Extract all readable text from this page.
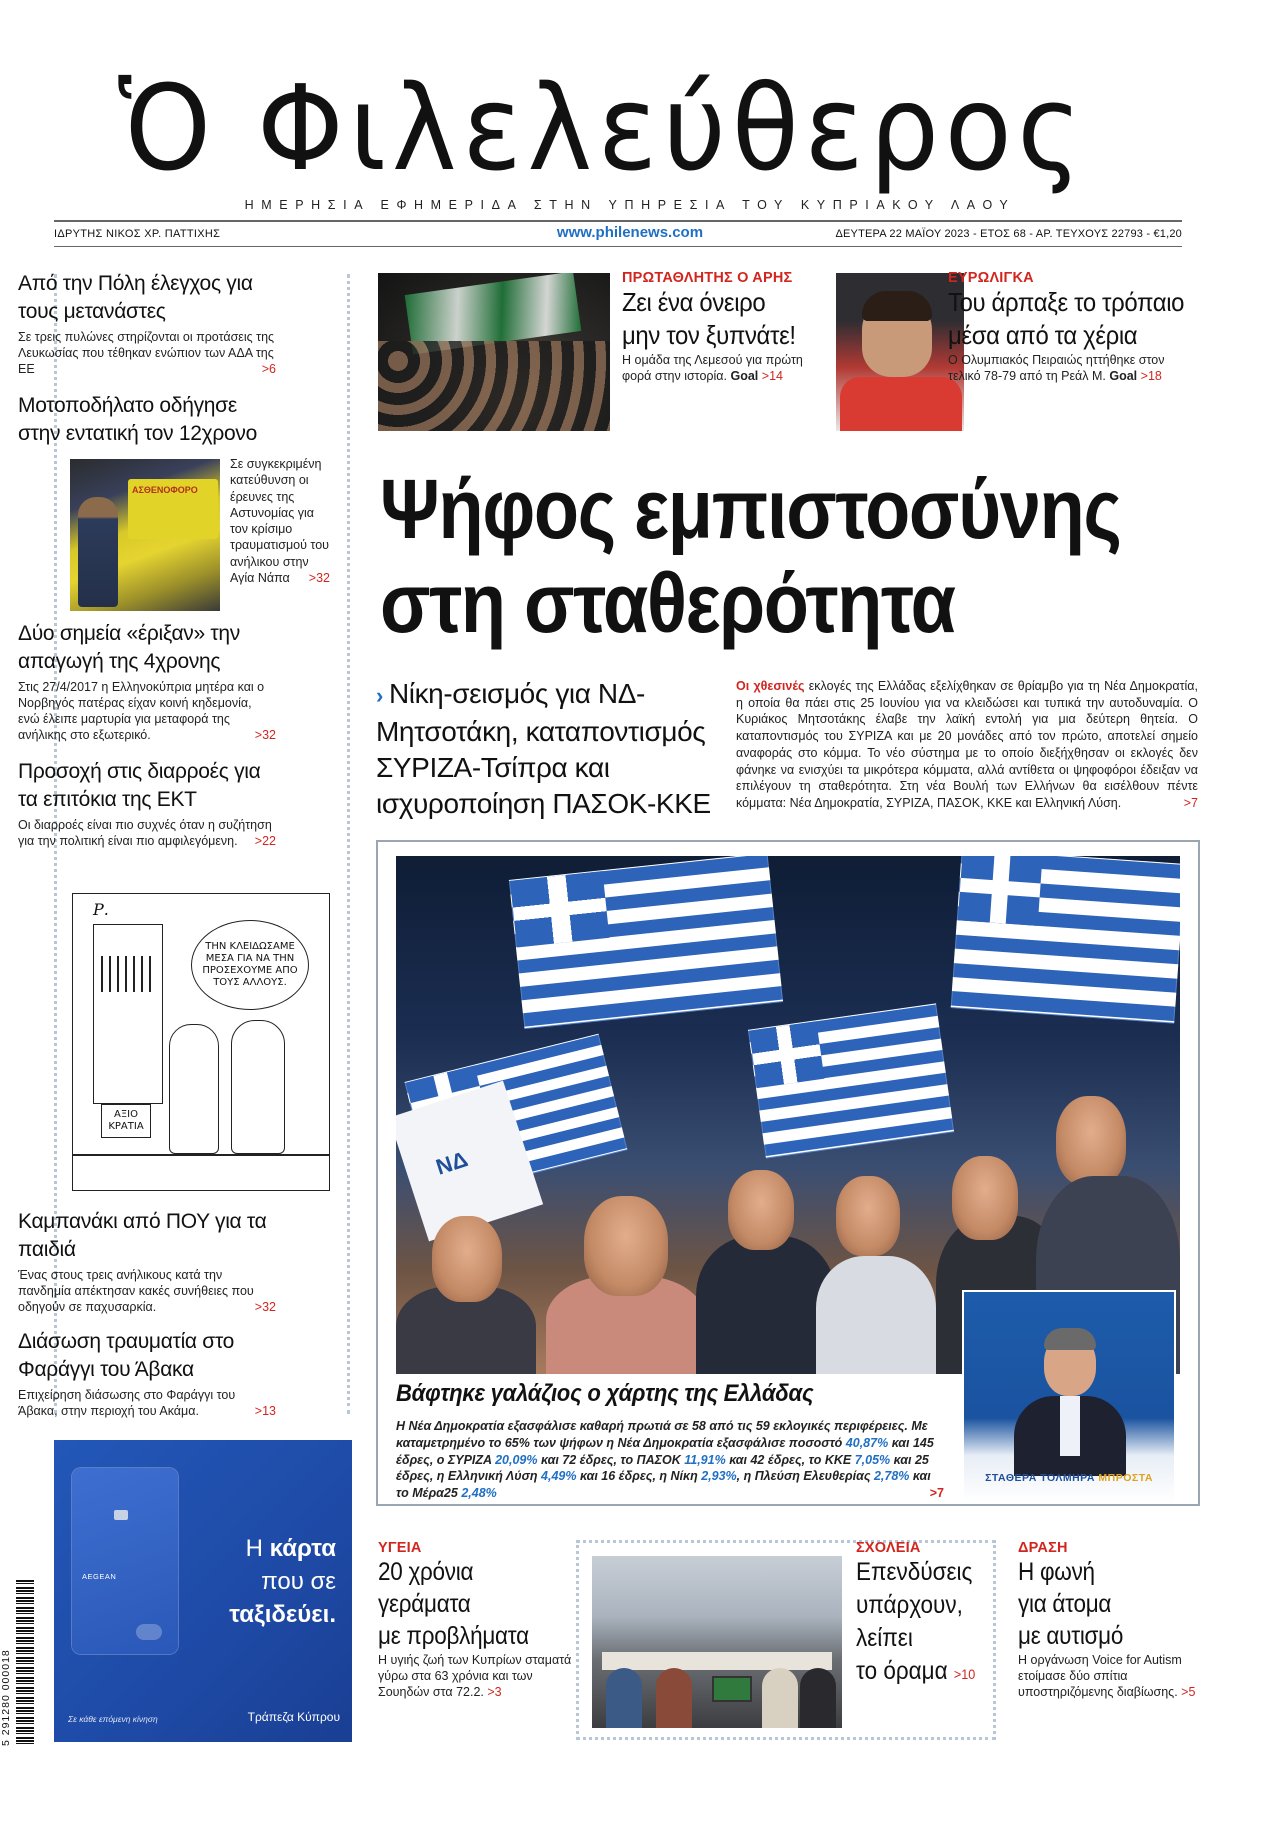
Ὁ Φιλελεύθερος
ΗΜΕΡΗΣΙΑ ΕΦΗΜΕΡΙΔΑ ΣΤΗΝ ΥΠΗΡΕΣΙΑ ΤΟΥ ΚΥΠΡΙΑΚΟΥ ΛΑΟΥ
ΙΔΡΥΤΗΣ ΝΙΚΟΣ ΧΡ. ΠΑΤΤΙΧΗΣ	www.philenews.com	ΔΕΥΤΕΡΑ 22 ΜΑΪΟΥ 2023 - ΕΤΟΣ 68 - ΑΡ. ΤΕΥΧΟΥΣ 22793 - €1,20
Από την Πόλη έλεγχος για τους μετανάστες

Σε τρεις πυλώνες στηρίζονται οι προτάσεις της Λευκωσίας που τέθηκαν ενώπιον των ΑΔΑ της ΕΕ	>6

Μοτοποδήλατο οδήγησε στην εντατική τον 12χρονο
ΑΣΘΕΝΟΦΟΡΟ
Σε συγκεκριμένη κατεύθυνση οι έρευνες της Αστυνομίας για τον κρίσιμο τραυματισμού του ανήλικου στην Αγία Νάπα >32
Δύο σημεία «έριξαν» την απαγωγή της 4χρονης

Στις 27/4/2017 η Ελληνοκύπρια μητέρα και ο Νορβηγός πατέρας είχαν κοινή κηδεμονία, ενώ έλειπε μαρτυρία για μεταφορά της ανήλικης στο εξωτερικό.	>32

Προσοχή στις διαρροές για τα επιτόκια της ΕΚΤ

Οι διαρροές είναι πιο συχνές όταν η συζήτηση για την πολιτική είναι πιο αμφιλεγόμενη. >22

Ρ.
ΤΗΝ ΚΛΕΙΔΩΣΑΜΕ ΜΕΣΑ ΓΙΑ ΝΑ ΤΗΝ ΠΡΟΣΕΧΟΥΜΕ ΑΠΟ ΤΟΥΣ ΑΛΛΟΥΣ.
ΑΞΙΟ ΚΡΑΤΙΑ
Καμπανάκι από ΠΟΥ για τα παιδιά

Ένας στους τρεις ανήλικους κατά την πανδημία απέκτησαν κακές συνήθειες που οδηγούν σε παχυσαρκία.	>32

Διάσωση τραυματία στο Φαράγγι του Άβακα

Επιχείρηση διάσωσης στο Φαράγγι του Άβακα, στην περιοχή του Ακάμα.	>13

ΠΡΩΤΑΘΛΗΤΗΣ Ο ΑΡΗΣ
Ζει ένα όνειρο
μην τον ξυπνάτε!

Η ομάδα της Λεμεσού για πρώτη φορά στην ιστορία. Goal >14

ΕΥΡΩΛΙΓΚΑ
Του άρπαξε το τρόπαιο
μέσα από τα χέρια

Ο Ολυμπιακός Πειραιώς ηττήθηκε στον τελικό 78-79 από τη Ρεάλ Μ. Goal >18

Ψήφος εμπιστοσύνης
στη σταθερότητα
› Νίκη-σεισμός για ΝΔ-Μητσοτάκη, καταποντισμός ΣΥΡΙΖΑ-Τσίπρα και ισχυροποίηση ΠΑΣΟΚ-ΚΚΕ
Οι χθεσινές εκλογές της Ελλάδας εξελίχθηκαν σε θρίαμβο για τη Νέα Δημοκρατία, η οποία θα πάει στις 25 Ιουνίου για να κλειδώσει και τυπικά την αυτοδυναμία. Ο Κυριάκος Μητσοτάκης έλαβε την λαϊκή εντολή για μια δεύτερη θητεία. Ο καταποντισμός του ΣΥΡΙΖΑ και με 20 μονάδες από τον πρώτο, αποτελεί σημείο αναφοράς στο κόμμα. Το νέο σύστημα με το οποίο διεξήχθησαν οι εκλογές δεν φάνηκε να ενισχύει τα μικρότερα κόμματα, αλλά αντίθετα οι ψηφοφόροι έδειξαν να επιλέγουν τη σταθερότητα. Στη νέα Βουλή των Ελλήνων θα εισέλθουν πέντε κόμματα: Νέα Δημοκρατία, ΣΥΡΙΖΑ, ΠΑΣΟΚ, ΚΚΕ και Ελληνική Λύση.	>7
ΝΔ
ΣΤΑΘΕΡΑ ΤΟΛΜΗΡΑ ΜΠΡΟΣΤΑ
Βάφτηκε γαλάζιος ο χάρτης της Ελλάδας
Η Νέα Δημοκρατία εξασφάλισε καθαρή πρωτιά σε 58 από τις 59 εκλογικές περιφέρειες. Με καταμετρημένο το 65% των ψήφων η Νέα Δημοκρατία εξασφάλισε ποσοστό 40,87% και 145 έδρες, ο ΣΥΡΙΖΑ 20,09% και 72 έδρες, το ΠΑΣΟΚ 11,91% και 42 έδρες, το ΚΚΕ 7,05% και 25 έδρες, η Ελληνική Λύση 4,49% και 16 έδρες, η Νίκη 2,93%, η Πλεύση Ελευθερίας 2,78% και το Μέρα25 2,48%	>7
AEGEAN
Η κάρτα
που σε
ταξιδεύει.
Σε κάθε επόμενη κίνηση	Τράπεζα Κύπρου
5 291280 000018
ΥΓΕΙΑ
20 χρόνια
γεράματα
με προβλήματα

Η υγιής ζωή των Κυπρίων σταματά γύρω στα 63 χρόνια και των Σουηδών στα 72.2. >3

ΣΧΟΛΕΙΑ
Επενδύσεις
υπάρχουν,
λείπει
το όραμα >10
ΔΡΑΣΗ
Η φωνή
για άτομα
με αυτισμό

Η οργάνωση Voice for Autism ετοίμασε δύο σπίτια υποστηριζόμενης διαβίωσης. >5
